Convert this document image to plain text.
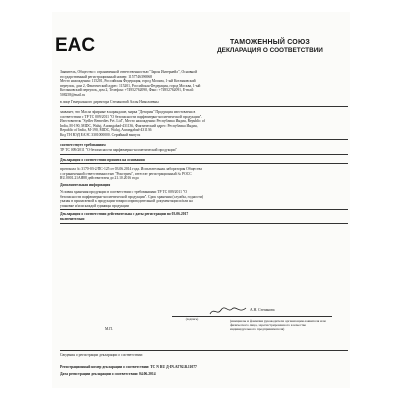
EAC	ТАМОЖЕННЫЙ СОЮЗ
ДЕКЛАРАЦИЯ О СООТВЕТСТВИИ
Заявитель, Общество с ограниченной ответственностью "Зарон Интернейл", Основной
государственный регистрационный номер: 1157746396968
Место нахождения: 115201, Российская Федерация, город Москва, 1-ый Котляковский
переулок, дом 2, Фактический адрес: 115201, Российская Федерация, город Москва, 1-ый
Котляковский переулок, дом 2, Телефон: +74952762090, Факс: +74952762091, E-mail:
508258@mail.ru
в лице Генерального директора Степановой Аллы Николаевны
заявляет, что Масла эфирные в карандаше, марка "Дезорин" Продукция изготовлена в
соответствии с ТР ТС 009/2011 "О безопасности парфюмерно-косметической продукции".
Изготовитель "Sydler Remedies Pvt. Ltd", Место нахождения: Республика Индия, Republic of
India, M-190, MIDC, Waluj, Aurangabad-431136, Фактический адрес: Республика Индия,
Republic of India, M-190, MIDC, Waluj, Aurangabad-431136
Код ТН ВЭД ЕАЭС 3301000000. Серийный выпуск
соответствует требованиям
ТР ТС 009/2011 "О безопасности парфюмерно-косметической продукции"
Декларация о соответствии принята на основании
протокола № 3170-03-2/ПС-125 от 03.06.2014 года. Испытательная лаборатория Общества
с ограниченной ответственностью "Рокстрим", аттестат регистрационный № РОСС
RU.0001.21АЯ88 действителен до 21.10.2016 года
Дополнительная информация
Условия хранения продукции в соответствии с требованиями ТР ТС 009/2011 "О
безопасности парфюмерно-косметической продукции". Срок хранения (службы, годности)
указан в прилагаемой к продукции товаросопроводительной документации и/или на
упаковке и/или каждой единицы продукции
Декларация о соответствии действительна с даты регистрации по 03.06.2017
включительно
А.Н. Степанова
(подпись)
М.П.
(инициалы и фамилия руководителя организации-заявителя или физического лица, зарегистрированного в качестве индивидуального предпринимателя)
Сведения о регистрации декларации о соответствии:
Регистрационный номер декларации о соответствии: ТС N RU Д-IN.АГ92.В.11077
Дата регистрации декларации о соответствии: 04.06.2014
